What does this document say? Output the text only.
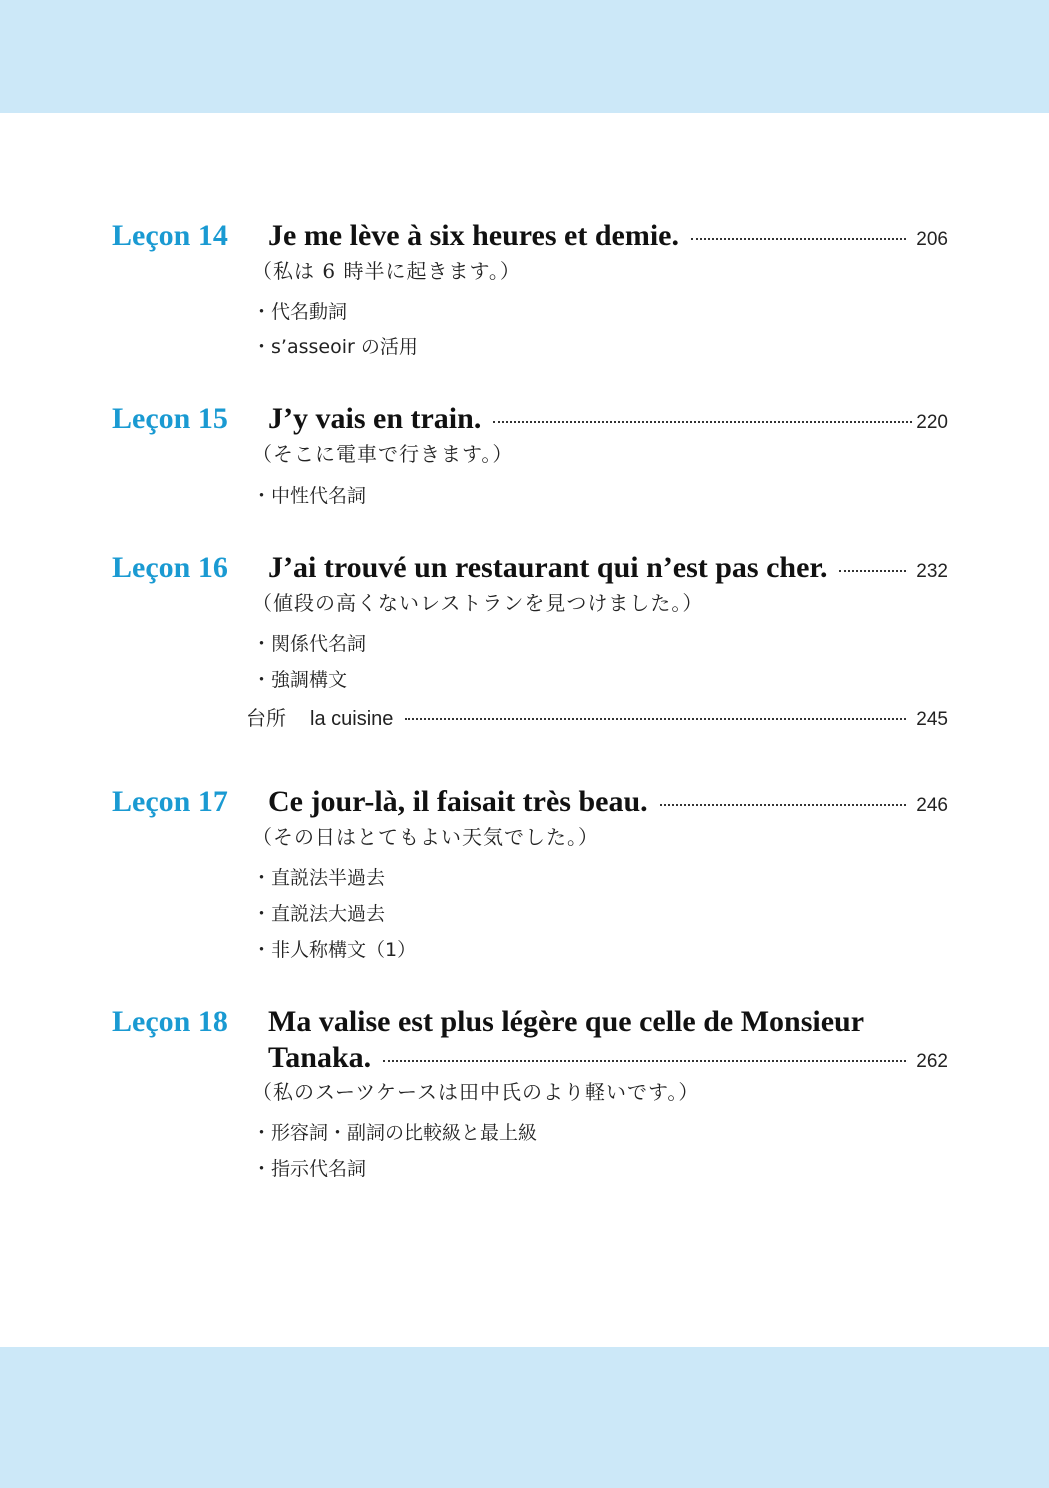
Leçon 14 Je me lève à six heures et demie.	206
（私は 6 時半に起きます。）
・代名動詞
・s’asseoir の活用
Leçon 15 J’y vais en train.	220
（そこに電車で行きます。）
・中性代名詞
Leçon 16 J’ai trouvé un restaurant qui n’est pas cher.	232
（値段の高くないレストランを見つけました。）
・関係代名詞
・強調構文
台所 la cuisine	245
Leçon 17 Ce jour-là, il faisait très beau.	246
（その日はとてもよい天気でした。）
・直説法半過去
・直説法大過去
・非人称構文（1）
Leçon 18 Ma valise est plus légère que celle de Monsieur
Tanaka.	262
（私のスーツケースは田中氏のより軽いです。）
・形容詞・副詞の比較級と最上級
・指示代名詞
